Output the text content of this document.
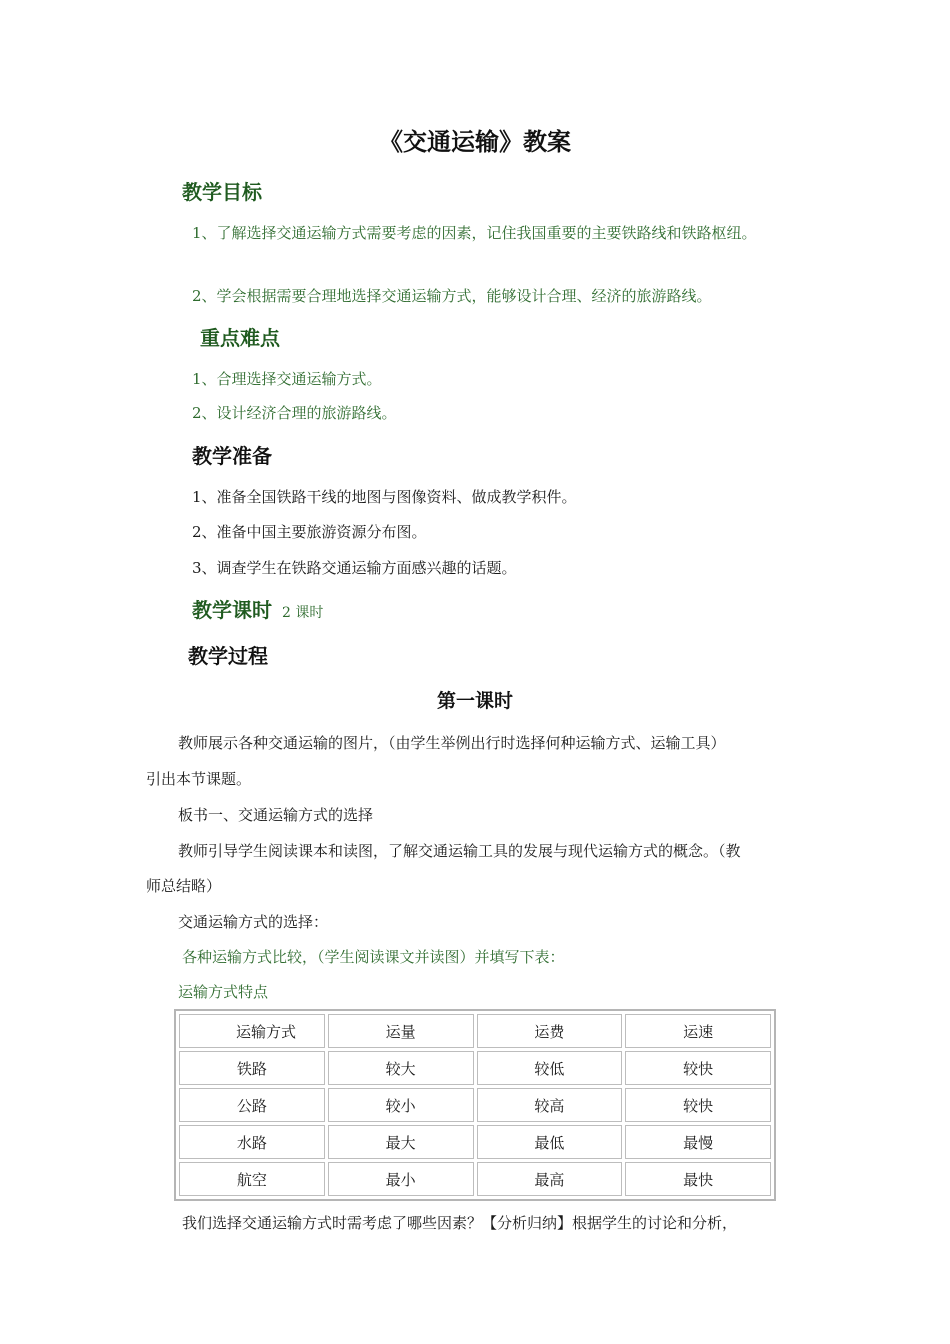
《交通运输》教案
教学目标
1、了解选择交通运输方式需要考虑的因素，记住我国重要的主要铁路线和铁路枢纽。
2、学会根据需要合理地选择交通运输方式，能够设计合理、经济的旅游路线。
重点难点
1、合理选择交通运输方式。
2、设计经济合理的旅游路线。
教学准备
1、准备全国铁路干线的地图与图像资料、做成教学积件。
2、准备中国主要旅游资源分布图。
3、调查学生在铁路交通运输方面感兴趣的话题。
教学课时 2 课时
教学过程
第一课时
教师展示各种交通运输的图片，（由学生举例出行时选择何种运输方式、运输工具）
引出本节课题。
板书一、交通运输方式的选择
教师引导学生阅读课本和读图，了解交通运输工具的发展与现代运输方式的概念。（教
师总结略）
交通运输方式的选择：
各种运输方式比较，（学生阅读课文并读图）并填写下表：
运输方式特点
运输方式	运量	运费	运速
铁路	较大	较低	较快
公路	较小	较高	较快
水路	最大	最低	最慢
航空	最小	最高	最快
我们选择交通运输方式时需考虑了哪些因素？【分析归纳】根据学生的讨论和分析，
